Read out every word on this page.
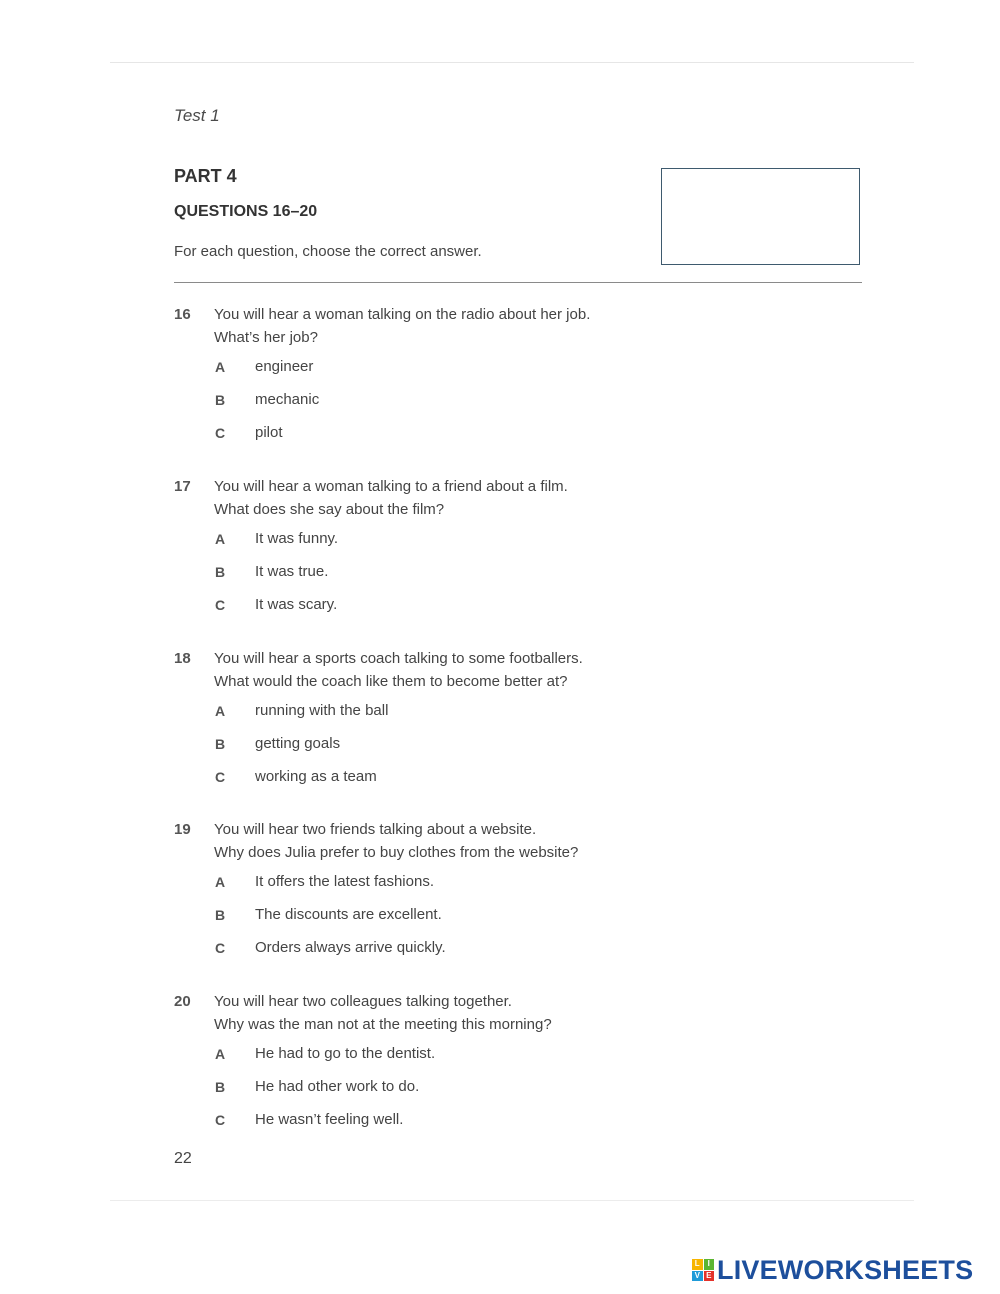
Test 1
PART 4
QUESTIONS 16–20
For each question, choose the correct answer.
16 You will hear a woman talking on the radio about her job.
What’s her job?
A engineer
B mechanic
C pilot
17 You will hear a woman talking to a friend about a film.
What does she say about the film?
A It was funny.
B It was true.
C It was scary.
18 You will hear a sports coach talking to some footballers.
What would the coach like them to become better at?
A running with the ball
B getting goals
C working as a team
19 You will hear two friends talking about a website.
Why does Julia prefer to buy clothes from the website?
A It offers the latest fashions.
B The discounts are excellent.
C Orders always arrive quickly.
20 You will hear two colleagues talking together.
Why was the man not at the meeting this morning?
A He had to go to the dentist.
B He had other work to do.
C He wasn’t feeling well.
22
L I
V E LIVEWORKSHEETS
